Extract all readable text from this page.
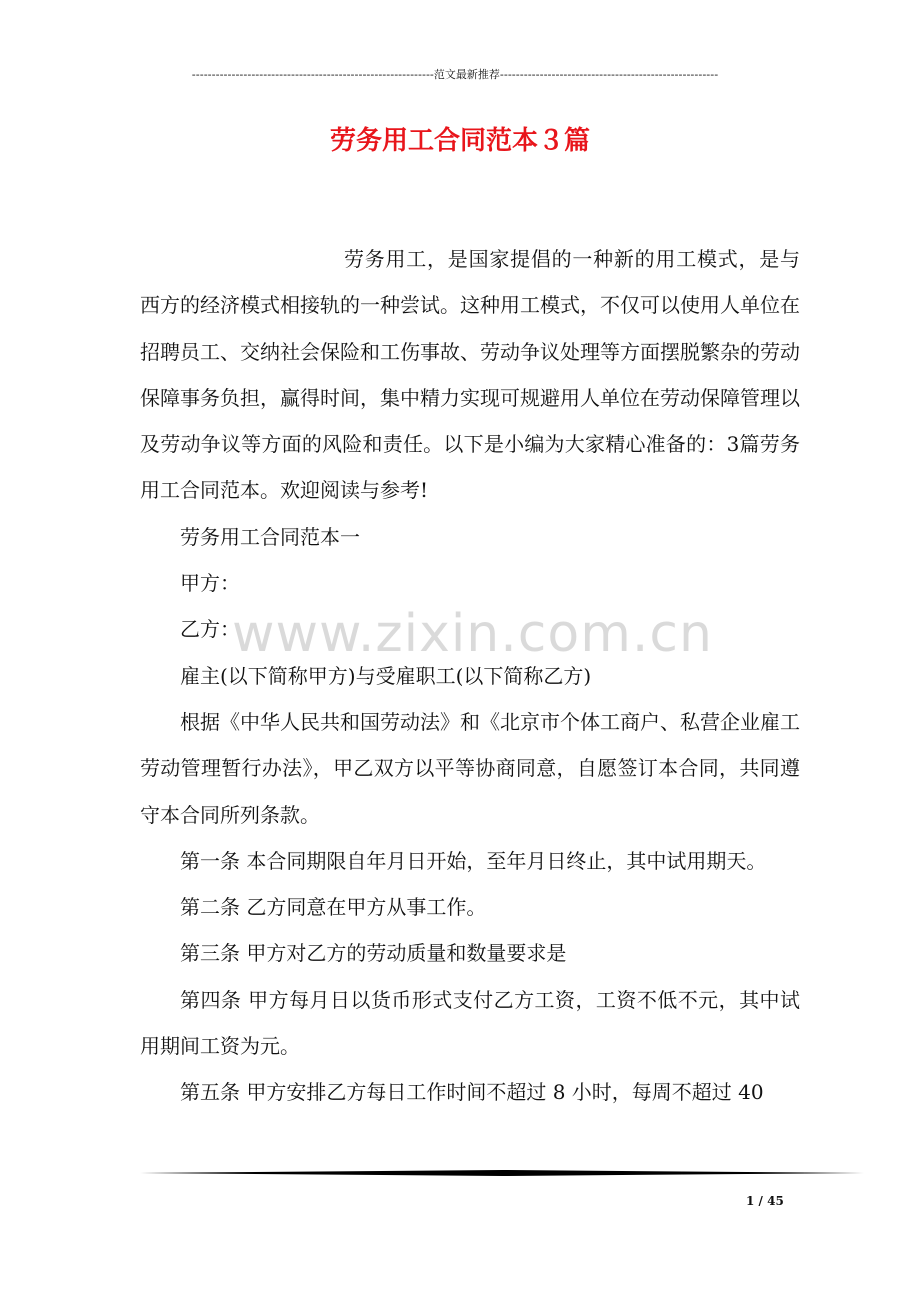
-------------------------------------------------------------范文最新推荐-------------------------------------------------------
劳务用工合同范本３篇

劳务用工，是国家提倡的一种新的用工模式，是与西方的经济模式相接轨的一种尝试。这种用工模式，不仅可以使用人单位在招聘员工、交纳社会保险和工伤事故、劳动争议处理等方面摆脱繁杂的劳动保障事务负担，赢得时间，集中精力实现可规避用人单位在劳动保障管理以及劳动争议等方面的风险和责任。以下是小编为大家精心准备的：3篇劳务用工合同范本。欢迎阅读与参考!

劳务用工合同范本一

甲方：

乙方：

雇主(以下简称甲方)与受雇职工(以下简称乙方)

根据《中华人民共和国劳动法》和《北京市个体工商户、私营企业雇工劳动管理暂行办法》，甲乙双方以平等协商同意，自愿签订本合同，共同遵守本合同所列条款。

第一条 本合同期限自年月日开始，至年月日终止，其中试用期天。

第二条 乙方同意在甲方从事工作。

第三条 甲方对乙方的劳动质量和数量要求是

第四条 甲方每月日以货币形式支付乙方工资，工资不低不元，其中试用期间工资为元。

第五条 甲方安排乙方每日工作时间不超过 8 小时，每周不超过 40

www.zixin.com.cn
1 / 45
